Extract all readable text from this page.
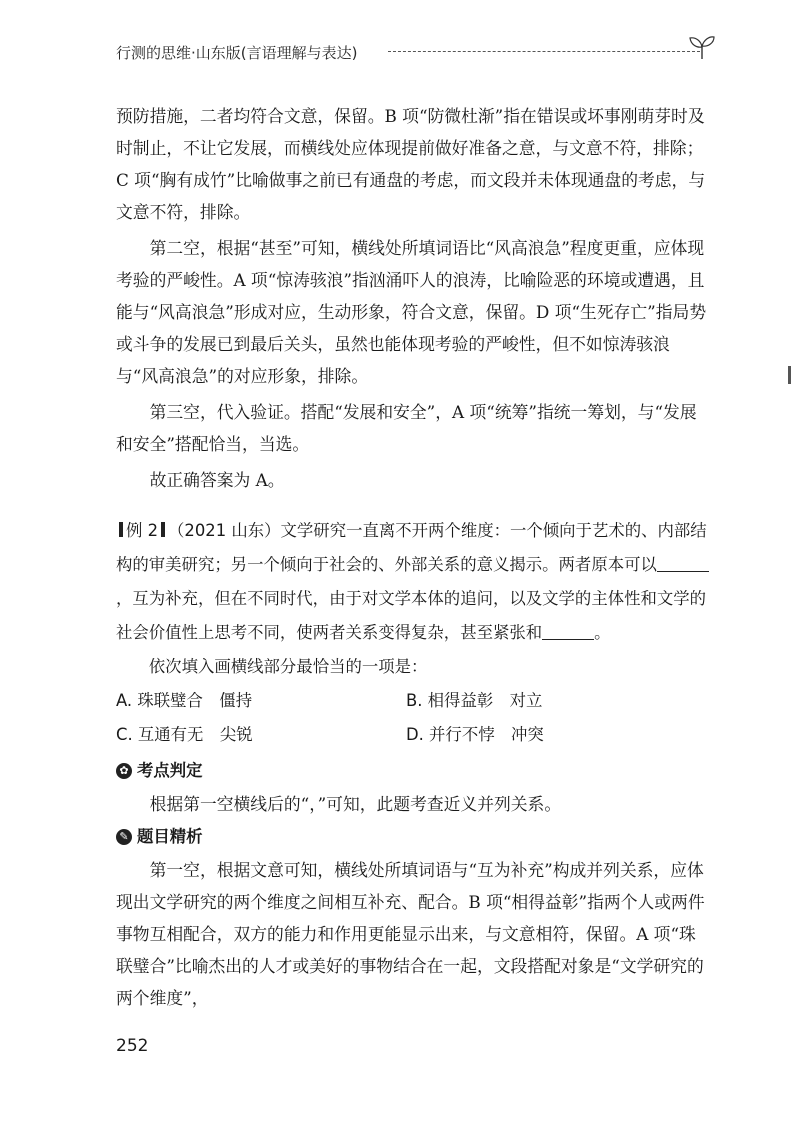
行测的思维·山东版(言语理解与表达)

预防措施，二者均符合文意，保留。B 项“防微杜渐”指在错误或坏事刚萌芽时及时制止，不让它发展，而横线处应体现提前做好准备之意，与文意不符，排除；C 项“胸有成竹”比喻做事之前已有通盘的考虑，而文段并未体现通盘的考虑，与文意不符，排除。

第二空，根据“甚至”可知，横线处所填词语比“风高浪急”程度更重，应体现考验的严峻性。A 项“惊涛骇浪”指汹涌吓人的浪涛，比喻险恶的环境或遭遇，且能与“风高浪急”形成对应，生动形象，符合文意，保留。D 项“生死存亡”指局势或斗争的发展已到最后关头，虽然也能体现考验的严峻性，但不如惊涛骇浪与“风高浪急”的对应形象，排除。

第三空，代入验证。搭配“发展和安全”，A 项“统筹”指统一筹划，与“发展和安全”搭配恰当，当选。

故正确答案为 A。

例 2 （2021 山东）文学研究一直离不开两个维度：一个倾向于艺术的、内部结构的审美研究；另一个倾向于社会的、外部关系的意义揭示。两者原本可以，互为补充，但在不同时代，由于对文学本体的追问，以及文学的主体性和文学的社会价值性上思考不同，使两者关系变得复杂，甚至紧张和	。

依次填入画横线部分最恰当的一项是：

A. 珠联璧合　僵持	B. 相得益彰　对立
C. 互通有无　尖锐	D. 并行不悖　冲突
✿ 考点判定

根据第一空横线后的“，”可知，此题考查近义并列关系。

✎ 题目精析

第一空，根据文意可知，横线处所填词语与“互为补充”构成并列关系，应体现出文学研究的两个维度之间相互补充、配合。B 项“相得益彰”指两个人或两件事物互相配合，双方的能力和作用更能显示出来，与文意相符，保留。A 项“珠联璧合”比喻杰出的人才或美好的事物结合在一起，文段搭配对象是“文学研究的两个维度”，

252
